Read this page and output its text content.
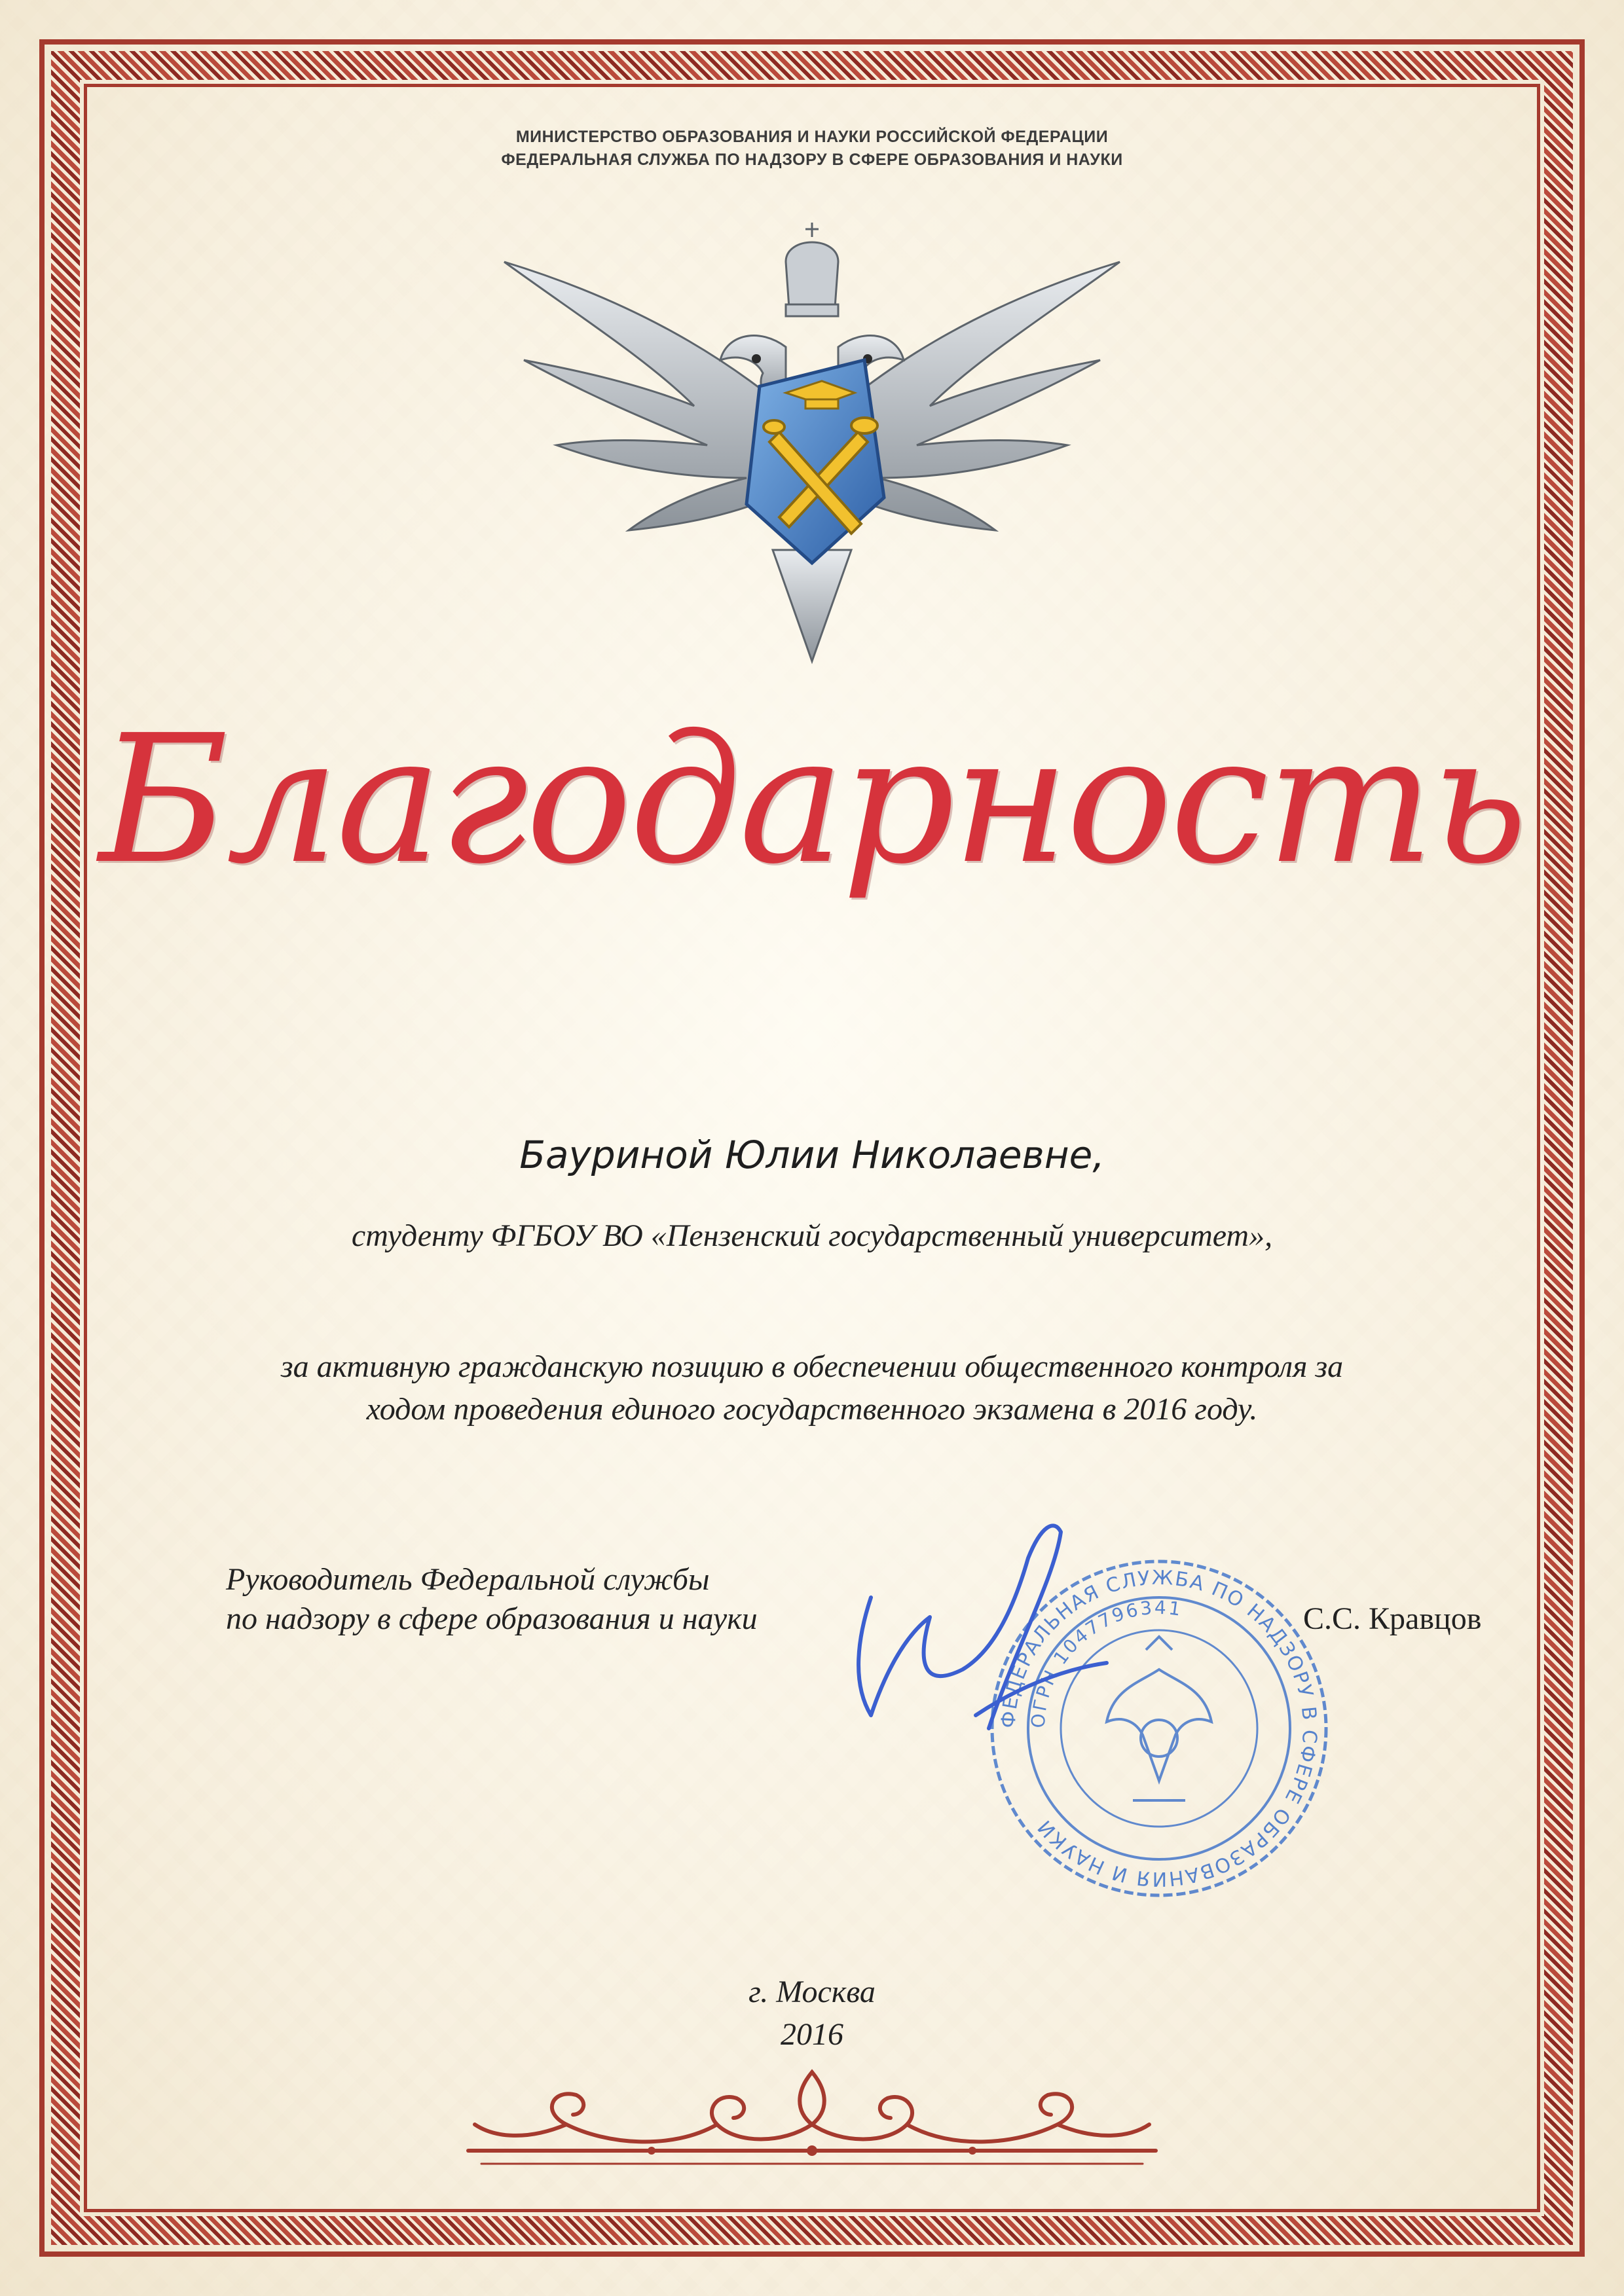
МИНИСТЕРСТВО ОБРАЗОВАНИЯ И НАУКИ РОССИЙСКОЙ ФЕДЕРАЦИИ
ФЕДЕРАЛЬНАЯ СЛУЖБА ПО НАДЗОРУ В СФЕРЕ ОБРАЗОВАНИЯ И НАУКИ
Благодарность
Бауриной Юлии Николаевне,
студенту ФГБОУ ВО «Пензенский государственный университет»,
за активную гражданскую позицию в обеспечении общественного контроля за
ходом проведения единого государственного экзамена в 2016 году.
Руководитель Федеральной службы
по надзору в сфере образования и науки
ФЕДЕРАЛЬНАЯ СЛУЖБА ПО НАДЗОРУ В СФЕРЕ ОБРАЗОВАНИЯ И НАУКИ
ОГРН 1047796341	С.С. Кравцов
г. Москва
2016
